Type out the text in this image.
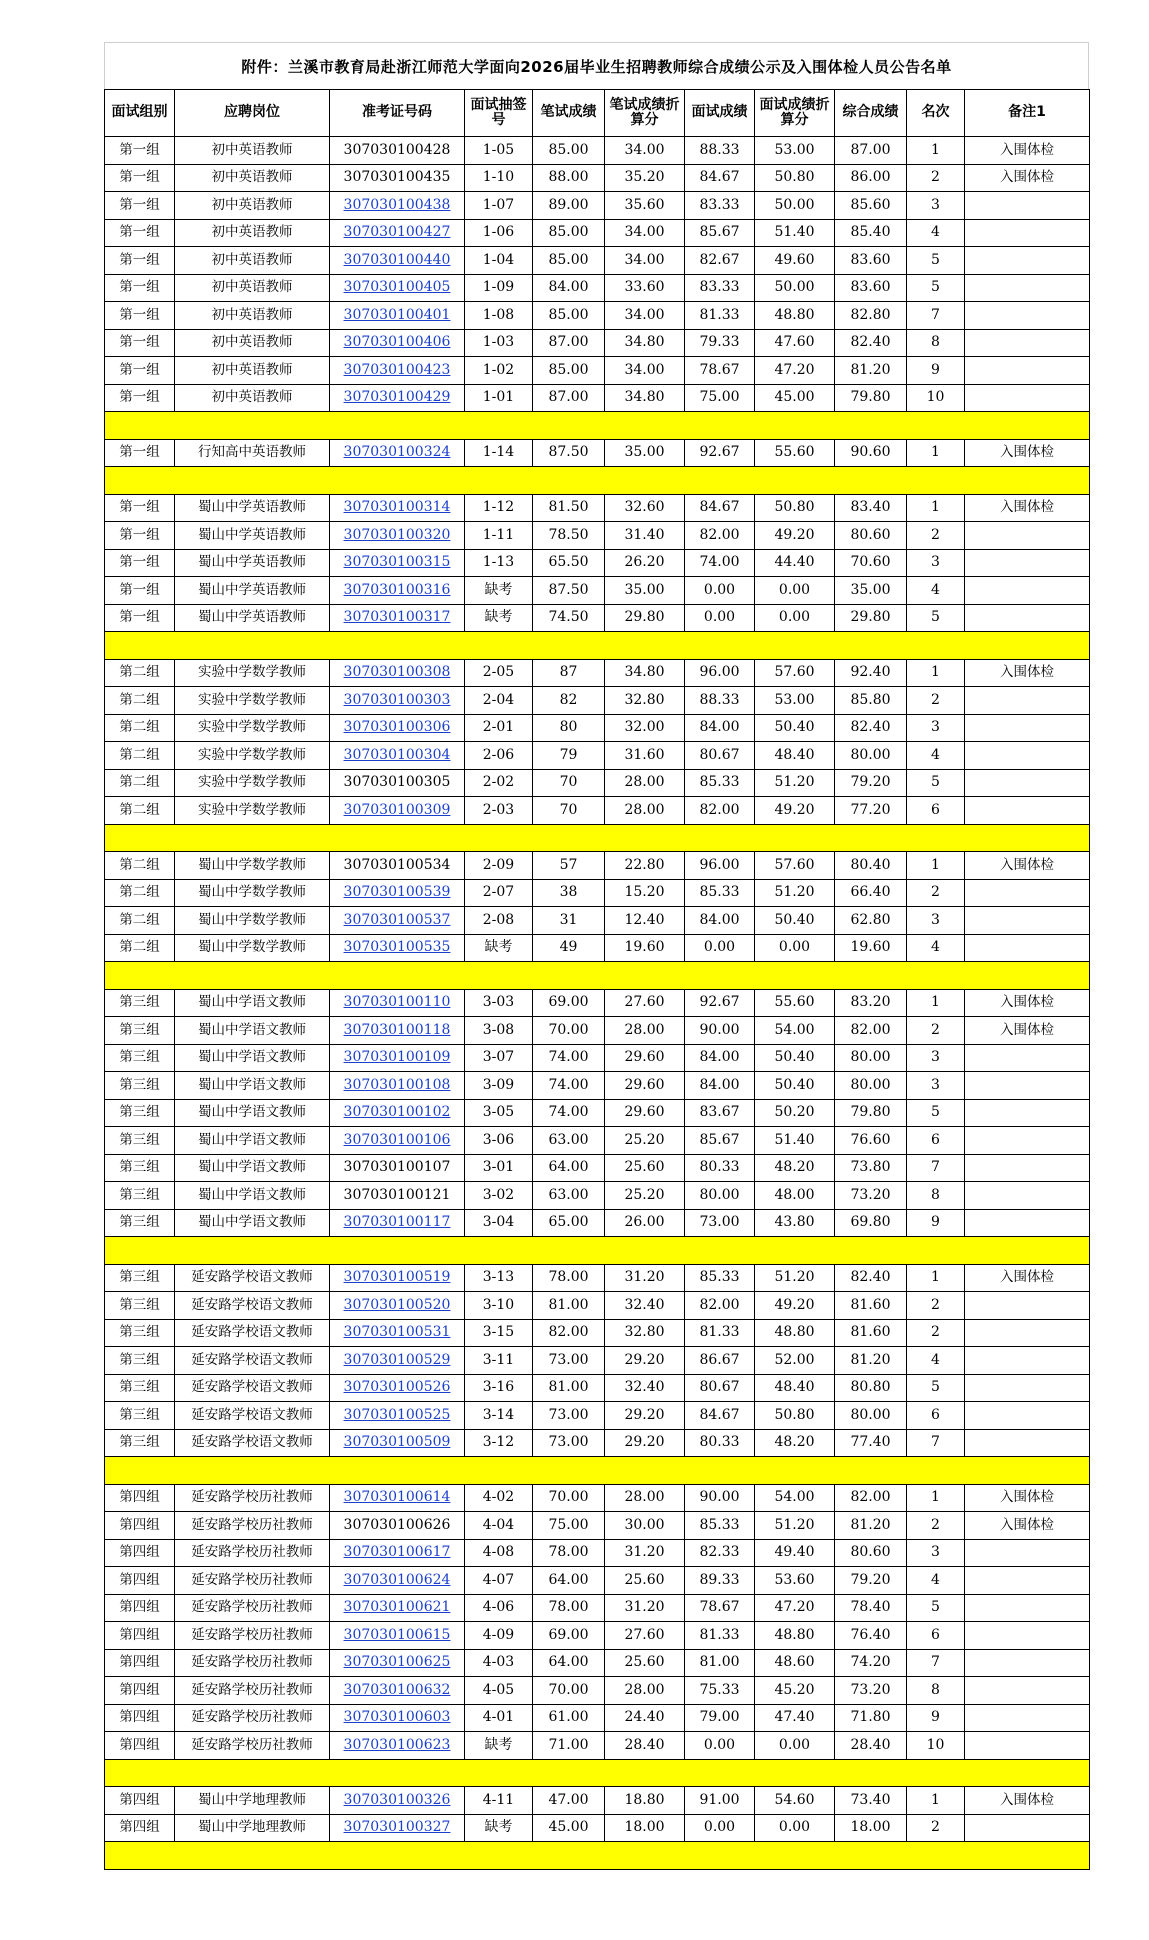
附件：兰溪市教育局赴浙江师范大学面向2026届毕业生招聘教师综合成绩公示及入围体检人员公告名单
面试组别	应聘岗位	准考证号码	面试抽签号	笔试成绩	笔试成绩折算分	面试成绩	面试成绩折算分	综合成绩	名次	备注1
第一组	初中英语教师	307030100428	1-05	85.00	34.00	88.33	53.00	87.00	1	入围体检
第一组	初中英语教师	307030100435	1-10	88.00	35.20	84.67	50.80	86.00	2	入围体检
第一组	初中英语教师	307030100438	1-07	89.00	35.60	83.33	50.00	85.60	3	
第一组	初中英语教师	307030100427	1-06	85.00	34.00	85.67	51.40	85.40	4	
第一组	初中英语教师	307030100440	1-04	85.00	34.00	82.67	49.60	83.60	5	
第一组	初中英语教师	307030100405	1-09	84.00	33.60	83.33	50.00	83.60	5	
第一组	初中英语教师	307030100401	1-08	85.00	34.00	81.33	48.80	82.80	7	
第一组	初中英语教师	307030100406	1-03	87.00	34.80	79.33	47.60	82.40	8	
第一组	初中英语教师	307030100423	1-02	85.00	34.00	78.67	47.20	81.20	9	
第一组	初中英语教师	307030100429	1-01	87.00	34.80	75.00	45.00	79.80	10	

第一组	行知高中英语教师	307030100324	1-14	87.50	35.00	92.67	55.60	90.60	1	入围体检

第一组	蜀山中学英语教师	307030100314	1-12	81.50	32.60	84.67	50.80	83.40	1	入围体检
第一组	蜀山中学英语教师	307030100320	1-11	78.50	31.40	82.00	49.20	80.60	2	
第一组	蜀山中学英语教师	307030100315	1-13	65.50	26.20	74.00	44.40	70.60	3	
第一组	蜀山中学英语教师	307030100316	缺考	87.50	35.00	0.00	0.00	35.00	4	
第一组	蜀山中学英语教师	307030100317	缺考	74.50	29.80	0.00	0.00	29.80	5	

第二组	实验中学数学教师	307030100308	2-05	87	34.80	96.00	57.60	92.40	1	入围体检
第二组	实验中学数学教师	307030100303	2-04	82	32.80	88.33	53.00	85.80	2	
第二组	实验中学数学教师	307030100306	2-01	80	32.00	84.00	50.40	82.40	3	
第二组	实验中学数学教师	307030100304	2-06	79	31.60	80.67	48.40	80.00	4	
第二组	实验中学数学教师	307030100305	2-02	70	28.00	85.33	51.20	79.20	5	
第二组	实验中学数学教师	307030100309	2-03	70	28.00	82.00	49.20	77.20	6	

第二组	蜀山中学数学教师	307030100534	2-09	57	22.80	96.00	57.60	80.40	1	入围体检
第二组	蜀山中学数学教师	307030100539	2-07	38	15.20	85.33	51.20	66.40	2	
第二组	蜀山中学数学教师	307030100537	2-08	31	12.40	84.00	50.40	62.80	3	
第二组	蜀山中学数学教师	307030100535	缺考	49	19.60	0.00	0.00	19.60	4	

第三组	蜀山中学语文教师	307030100110	3-03	69.00	27.60	92.67	55.60	83.20	1	入围体检
第三组	蜀山中学语文教师	307030100118	3-08	70.00	28.00	90.00	54.00	82.00	2	入围体检
第三组	蜀山中学语文教师	307030100109	3-07	74.00	29.60	84.00	50.40	80.00	3	
第三组	蜀山中学语文教师	307030100108	3-09	74.00	29.60	84.00	50.40	80.00	3	
第三组	蜀山中学语文教师	307030100102	3-05	74.00	29.60	83.67	50.20	79.80	5	
第三组	蜀山中学语文教师	307030100106	3-06	63.00	25.20	85.67	51.40	76.60	6	
第三组	蜀山中学语文教师	307030100107	3-01	64.00	25.60	80.33	48.20	73.80	7	
第三组	蜀山中学语文教师	307030100121	3-02	63.00	25.20	80.00	48.00	73.20	8	
第三组	蜀山中学语文教师	307030100117	3-04	65.00	26.00	73.00	43.80	69.80	9	

第三组	延安路学校语文教师	307030100519	3-13	78.00	31.20	85.33	51.20	82.40	1	入围体检
第三组	延安路学校语文教师	307030100520	3-10	81.00	32.40	82.00	49.20	81.60	2	
第三组	延安路学校语文教师	307030100531	3-15	82.00	32.80	81.33	48.80	81.60	2	
第三组	延安路学校语文教师	307030100529	3-11	73.00	29.20	86.67	52.00	81.20	4	
第三组	延安路学校语文教师	307030100526	3-16	81.00	32.40	80.67	48.40	80.80	5	
第三组	延安路学校语文教师	307030100525	3-14	73.00	29.20	84.67	50.80	80.00	6	
第三组	延安路学校语文教师	307030100509	3-12	73.00	29.20	80.33	48.20	77.40	7	

第四组	延安路学校历社教师	307030100614	4-02	70.00	28.00	90.00	54.00	82.00	1	入围体检
第四组	延安路学校历社教师	307030100626	4-04	75.00	30.00	85.33	51.20	81.20	2	入围体检
第四组	延安路学校历社教师	307030100617	4-08	78.00	31.20	82.33	49.40	80.60	3	
第四组	延安路学校历社教师	307030100624	4-07	64.00	25.60	89.33	53.60	79.20	4	
第四组	延安路学校历社教师	307030100621	4-06	78.00	31.20	78.67	47.20	78.40	5	
第四组	延安路学校历社教师	307030100615	4-09	69.00	27.60	81.33	48.80	76.40	6	
第四组	延安路学校历社教师	307030100625	4-03	64.00	25.60	81.00	48.60	74.20	7	
第四组	延安路学校历社教师	307030100632	4-05	70.00	28.00	75.33	45.20	73.20	8	
第四组	延安路学校历社教师	307030100603	4-01	61.00	24.40	79.00	47.40	71.80	9	
第四组	延安路学校历社教师	307030100623	缺考	71.00	28.40	0.00	0.00	28.40	10	

第四组	蜀山中学地理教师	307030100326	4-11	47.00	18.80	91.00	54.60	73.40	1	入围体检
第四组	蜀山中学地理教师	307030100327	缺考	45.00	18.00	0.00	0.00	18.00	2	
